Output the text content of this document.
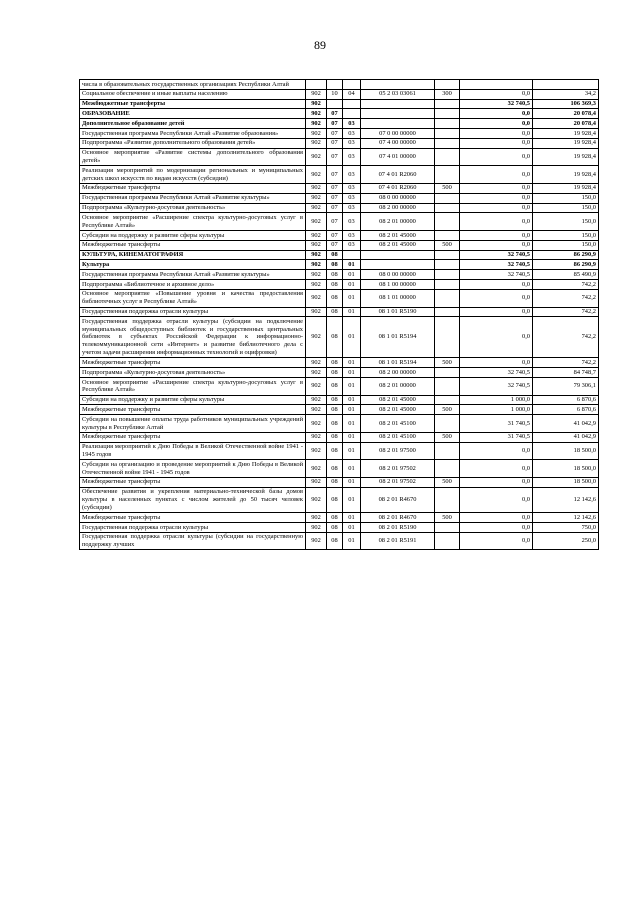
89
числа в образовательных государственных организациях Республики Алтай							
Социальное обеспечение и иные выплаты населению	902	10	04	05 2 03 03061	300	0,0	34,2
Межбюджетные трансферты	902					32 740,5	106 369,3
ОБРАЗОВАНИЕ	902	07				0,0	20 078,4
Дополнительное образование детей	902	07	03			0,0	20 078,4
Государственная программа Республики Алтай «Развитие образования»	902	07	03	07 0 00 00000		0,0	19 928,4
Подпрограмма «Развитие дополнительного образования детей»	902	07	03	07 4 00 00000		0,0	19 928,4
Основное мероприятие «Развитие системы дополнительного образования детей»	902	07	03	07 4 01 00000		0,0	19 928,4
Реализация мероприятий по модернизации региональных и муниципальных детских школ искусств по видам искусств (субсидии)	902	07	03	07 4 01 R2060		0,0	19 928,4
Межбюджетные трансферты	902	07	03	07 4 01 R2060	500	0,0	19 928,4
Государственная программа Республики Алтай «Развитие культуры»	902	07	03	08 0 00 00000		0,0	150,0
Подпрограмма «Культурно-досуговая деятельность»	902	07	03	08 2 00 00000		0,0	150,0
Основное мероприятие «Расширение спектра культурно-досуговых услуг в Республике Алтай»	902	07	03	08 2 01 00000		0,0	150,0
Субсидии на поддержку и развитие сферы культуры	902	07	03	08 2 01 45000		0,0	150,0
Межбюджетные трансферты	902	07	03	08 2 01 45000	500	0,0	150,0
КУЛЬТУРА, КИНЕМАТОГРАФИЯ	902	08				32 740,5	86 290,9
Культура	902	08	01			32 740,5	86 290,9
Государственная программа Республики Алтай «Развитие культуры»	902	08	01	08 0 00 00000		32 740,5	85 490,9
Подпрограмма «Библиотечное и архивное дело»	902	08	01	08 1 00 00000		0,0	742,2
Основное мероприятие «Повышение уровня и качества предоставления библиотечных услуг в Республике Алтай»	902	08	01	08 1 01 00000		0,0	742,2
Государственная поддержка отрасли культуры	902	08	01	08 1 01 R5190		0,0	742,2
Государственная поддержка отрасли культуры (субсидии на подключение муниципальных общедоступных библиотек и государственных центральных библиотек в субъектах Российской Федерации к информационно-телекоммуникационной сети «Интернет» и развитие библиотечного дела с учетом задачи расширения информационных технологий и оцифровки)	902	08	01	08 1 01 R5194		0,0	742,2
Межбюджетные трансферты	902	08	01	08 1 01 R5194	500	0,0	742,2
Подпрограмма «Культурно-досуговая деятельность»	902	08	01	08 2 00 00000		32 740,5	84 748,7
Основное мероприятие «Расширение спектра культурно-досуговых услуг в Республике Алтай»	902	08	01	08 2 01 00000		32 740,5	79 306,1
Субсидии на поддержку и развитие сферы культуры	902	08	01	08 2 01 45000		1 000,0	6 870,6
Межбюджетные трансферты	902	08	01	08 2 01 45000	500	1 000,0	6 870,6
Субсидии на повышение оплаты труда работников муниципальных учреждений культуры в Республике Алтай	902	08	01	08 2 01 45100		31 740,5	41 042,9
Межбюджетные трансферты	902	08	01	08 2 01 45100	500	31 740,5	41 042,9
Реализация мероприятий к Дню Победы в Великой Отечественной войне 1941 - 1945 годов	902	08	01	08 2 01 97500		0,0	18 500,0
Субсидии на организацию и проведение мероприятий к Дню Победы в Великой Отечественной войне 1941 - 1945 годов	902	08	01	08 2 01 97502		0,0	18 500,0
Межбюджетные трансферты	902	08	01	08 2 01 97502	500	0,0	18 500,0
Обеспечение развития и укрепления материально-технической базы домов культуры в населенных пунктах с числом жителей до 50 тысяч человек (субсидии)	902	08	01	08 2 01 R4670		0,0	12 142,6
Межбюджетные трансферты	902	08	01	08 2 01 R4670	500	0,0	12 142,6
Государственная поддержка отрасли культуры	902	08	01	08 2 01 R5190		0,0	750,0
Государственная поддержка отрасли культуры (субсидии на государственную поддержку лучших	902	08	01	08 2 01 R5191		0,0	250,0
